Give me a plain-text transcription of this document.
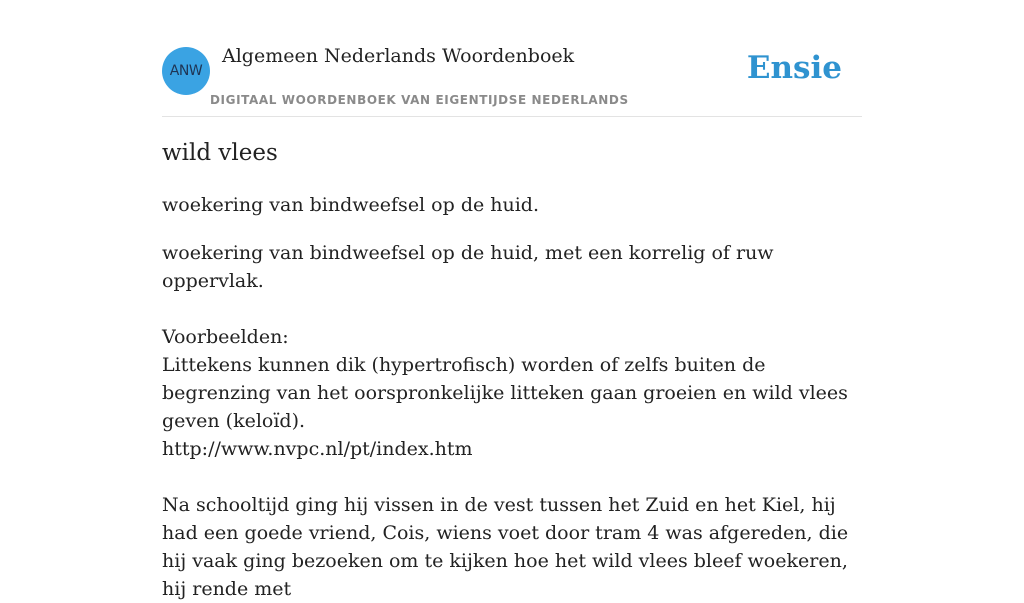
ANW
Algemeen Nederlands Woordenboek
DIGITAAL WOORDENBOEK VAN EIGENTIJDSE NEDERLANDS
Ensie
wild vlees
woekering van bindweefsel op de huid.

woekering van bindweefsel op de huid, met een korrelig of ruw oppervlak.

Voorbeelden:

Littekens kunnen dik (hypertrofisch) worden of zelfs buiten de begrenzing van het oorspronkelijke litteken gaan groeien en wild vlees geven (keloïd).

http://www.nvpc.nl/pt/index.htm

Na schooltijd ging hij vissen in de vest tussen het Zuid en het Kiel, hij had een goede vriend, Cois, wiens voet door tram 4 was afgereden, die hij vaak ging bezoeken om te kijken hoe het wild vlees bleef woekeren, hij rende met
